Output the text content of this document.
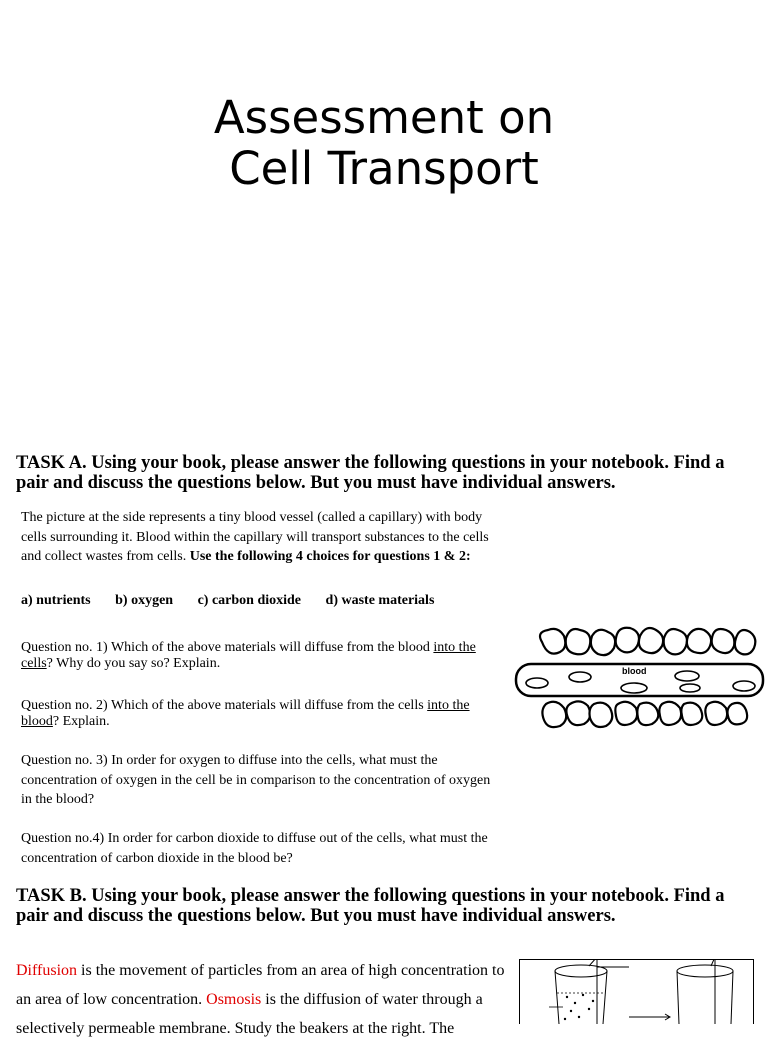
Assessment on
Cell Transport
TASK A. Using your book, please answer the following questions in your notebook. Find a pair and discuss the questions below. But you must have individual answers.

The picture at the side represents a tiny blood vessel (called a capillary) with body cells surrounding it. Blood within the capillary will transport substances to the cells and collect wastes from cells. Use the following 4 choices for questions 1 & 2:

a) nutrients b) oxygen c) carbon dioxide d) waste materials

Question no. 1) Which of the above materials will diffuse from the blood into the cells? Why do you say so? Explain.

Question no. 2) Which of the above materials will diffuse from the cells into the blood? Explain.

Question no. 3) In order for oxygen to diffuse into the cells, what must the concentration of oxygen in the cell be in comparison to the concentration of oxygen in the blood?

Question no.4) In order for carbon dioxide to diffuse out of the cells, what must the concentration of carbon dioxide in the blood be?

blood
TASK B. Using your book, please answer the following questions in your notebook. Find a pair and discuss the questions below. But you must have individual answers.

Diffusion is the movement of particles from an area of high concentration to an area of low concentration. Osmosis is the diffusion of water through a selectively permeable membrane. Study the beakers at the right. The
